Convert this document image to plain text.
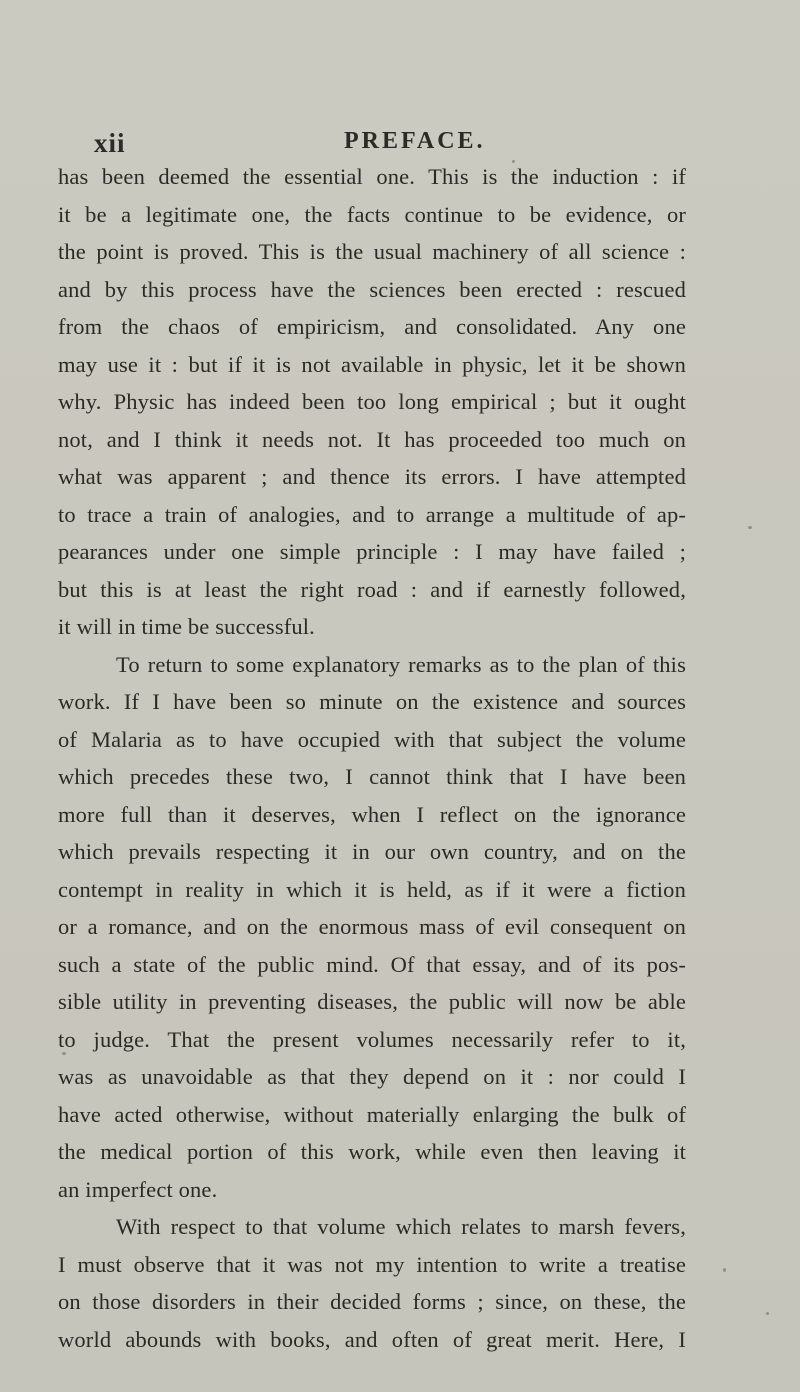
xii	PREFACE.
has been deemed the essential one. This is the induction : if
it be a legitimate one, the facts continue to be evidence, or
the point is proved. This is the usual machinery of all science :
and by this process have the sciences been erected : rescued
from the chaos of empiricism, and consolidated. Any one
may use it : but if it is not available in physic, let it be shown
why. Physic has indeed been too long empirical ; but it ought
not, and I think it needs not. It has proceeded too much on
what was apparent ; and thence its errors. I have attempted
to trace a train of analogies, and to arrange a multitude of ap-
pearances under one simple principle : I may have failed ;
but this is at least the right road : and if earnestly followed,
it will in time be successful.
To return to some explanatory remarks as to the plan of this
work. If I have been so minute on the existence and sources
of Malaria as to have occupied with that subject the volume
which precedes these two, I cannot think that I have been
more full than it deserves, when I reflect on the ignorance
which prevails respecting it in our own country, and on the
contempt in reality in which it is held, as if it were a fiction
or a romance, and on the enormous mass of evil consequent on
such a state of the public mind. Of that essay, and of its pos-
sible utility in preventing diseases, the public will now be able
to judge. That the present volumes necessarily refer to it,
was as unavoidable as that they depend on it : nor could I
have acted otherwise, without materially enlarging the bulk of
the medical portion of this work, while even then leaving it
an imperfect one.
With respect to that volume which relates to marsh fevers,
I must observe that it was not my intention to write a treatise
on those disorders in their decided forms ; since, on these, the
world abounds with books, and often of great merit. Here, I
